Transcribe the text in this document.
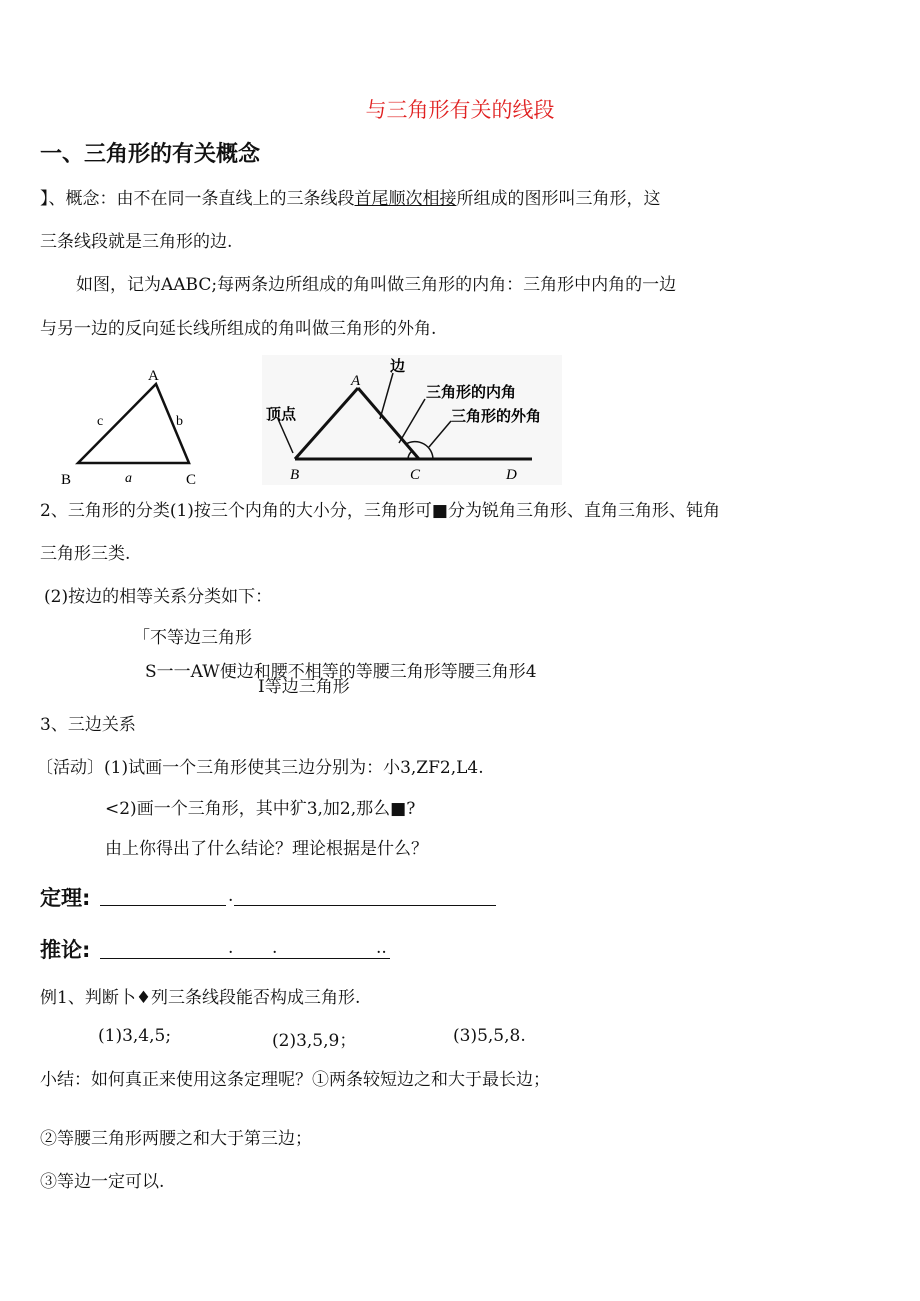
与三角形有关的线段
一、三角形的有关概念
】、概念：由不在同一条直线上的三条线段首尾顺次相接所组成的图形叫三角形，这
三条线段就是三角形的边.
如图，记为AABC;每两条边所组成的角叫做三角形的内角：三角形中内角的一边
与另一边的反向延长线所组成的角叫做三角形的外角.
A
B	C
c	b
a
A
B	C	D
边
顶点
三角形的内角
三角形的外角
2、三角形的分类(1)按三个内角的大小分，三角形可■分为锐角三角形、直角三角形、钝角
三角形三类.
(2)按边的相等关系分类如下：
「不等边三角形
S一一AW便边和腰不相等的等腰三角形等腰三角形4
I等边三角形
3、三边关系
〔活动〕(1)试画一个三角形使其三边分别为：小3,ZF2,L4.
<2)画一个三角形，其中犷3,加2,那么■?
由上你得出了什么结论？理论根据是什么？
定理:	.
推论:	. .	..
例1、判断卜♦列三条线段能否构成三角形.
(1)3,4,5;	(2)3,5,9；	(3)5,5,8.
小结：如何真正来使用这条定理呢？①两条较短边之和大于最长边；
②等腰三角形两腰之和大于第三边；
③等边一定可以.
